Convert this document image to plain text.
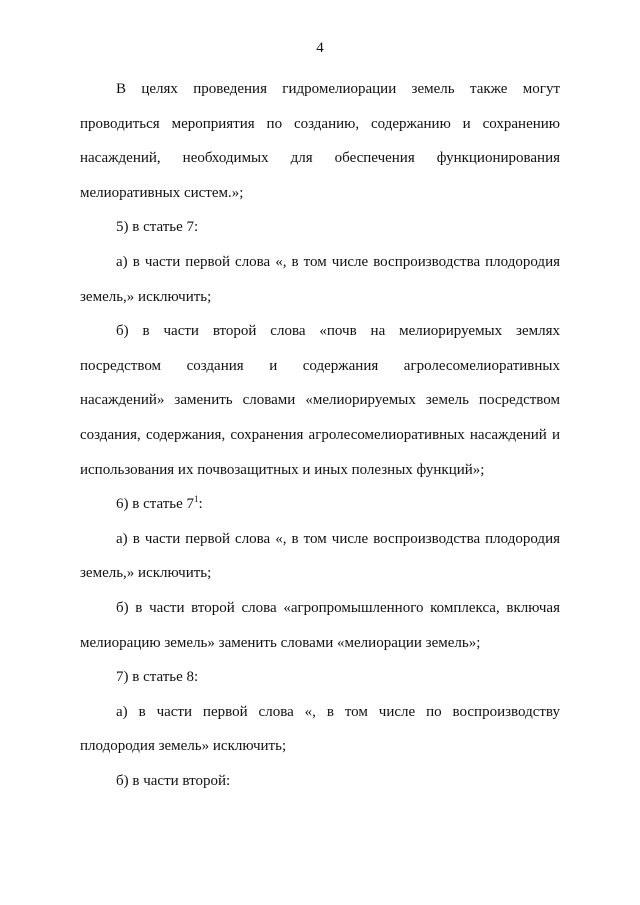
4
В целях проведения гидромелиорации земель также могут
проводиться мероприятия по созданию, содержанию и сохранению
насаждений, необходимых для обеспечения функционирования
мелиоративных систем.»;
5) в статье 7:
а) в части первой слова «, в том числе воспроизводства плодородия
земель,» исключить;
б) в части второй слова «почв на мелиорируемых землях
посредством создания и содержания агролесомелиоративных
насаждений» заменить словами «мелиорируемых земель посредством
создания, содержания, сохранения агролесомелиоративных насаждений и
использования их почвозащитных и иных полезных функций»;
6) в статье $7^1$:
а) в части первой слова «, в том числе воспроизводства плодородия
земель,» исключить;
б) в части второй слова «агропромышленного комплекса, включая
мелиорацию земель» заменить словами «мелиорации земель»;
7) в статье 8:
а) в части первой слова «, в том числе по воспроизводству
плодородия земель» исключить;
б) в части второй:
